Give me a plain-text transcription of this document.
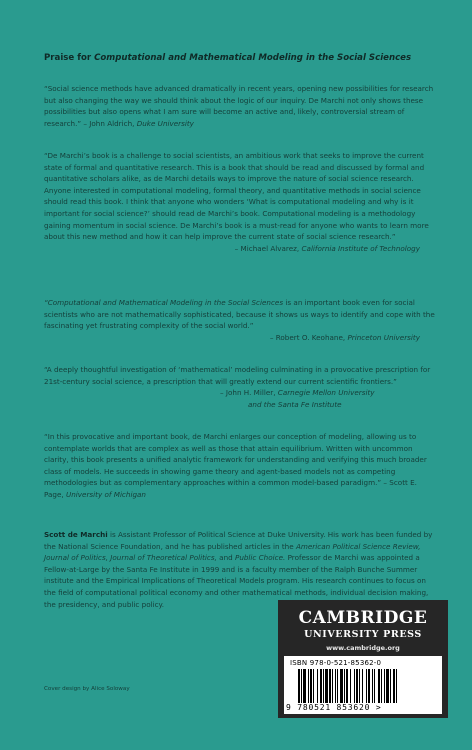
Praise for Computational and Mathematical Modeling in the Social Sciences
“Social science methods have advanced dramatically in recent years, opening new possibilities for research but also changing the way we should think about the logic of our inquiry. De Marchi not only shows these possibilities but also opens what I am sure will become an active and, likely, controversial stream of research.” – John Aldrich, Duke University
“De Marchi’s book is a challenge to social scientists, an ambitious work that seeks to improve the current state of formal and quantitative research. This is a book that should be read and discussed by formal and quantitative scholars alike, as de Marchi details ways to improve the nature of social science research. Anyone interested in computational modeling, formal theory, and quantitative methods in social science should read this book. I think that anyone who wonders ‘What is computational modeling and why is it important for social science?’ should read de Marchi’s book. Computational modeling is a methodology gaining momentum in social science. De Marchi’s book is a must-read for anyone who wants to learn more about this new method and how it can help improve the current state of social science research.”
– Michael Alvarez, California Institute of Technology
“Computational and Mathematical Modeling in the Social Sciences is an important book even for social scientists who are not mathematically sophisticated, because it shows us ways to identify and cope with the fascinating yet frustrating complexity of the social world.”
– Robert O. Keohane, Princeton University
“A deeply thoughtful investigation of ‘mathematical’ modeling culminating in a provocative prescription for 21st-century social science, a prescription that will greatly extend our current scientific frontiers.”
– John H. Miller, Carnegie Mellon University
and the Santa Fe Institute
“In this provocative and important book, de Marchi enlarges our conception of modeling, allowing us to contemplate worlds that are complex as well as those that attain equilibrium. Written with uncommon clarity, this book presents a unified analytic framework for understanding and verifying this much broader class of models. He succeeds in showing game theory and agent-based models not as competing methodologies but as complementary approaches within a common model-based paradigm.” – Scott E. Page, University of Michigan
Scott de Marchi is Assistant Professor of Political Science at Duke University. His work has been funded by the National Science Foundation, and he has published articles in the American Political Science Review, Journal of Politics, Journal of Theoretical Politics, and Public Choice. Professor de Marchi was appointed a Fellow-at-Large by the Santa Fe Institute in 1999 and is a faculty member of the Ralph Bunche Summer institute and the Empirical Implications of Theoretical Models program. His research continues to focus on the field of computational political economy and other mathematical methods, individual decision making, the presidency, and public policy.
Cover design by Alice Soloway
CAMBRIDGE
UNIVERSITY PRESS
www.cambridge.org
ISBN 978-0-521-85362-0
9 780521 853620 >
